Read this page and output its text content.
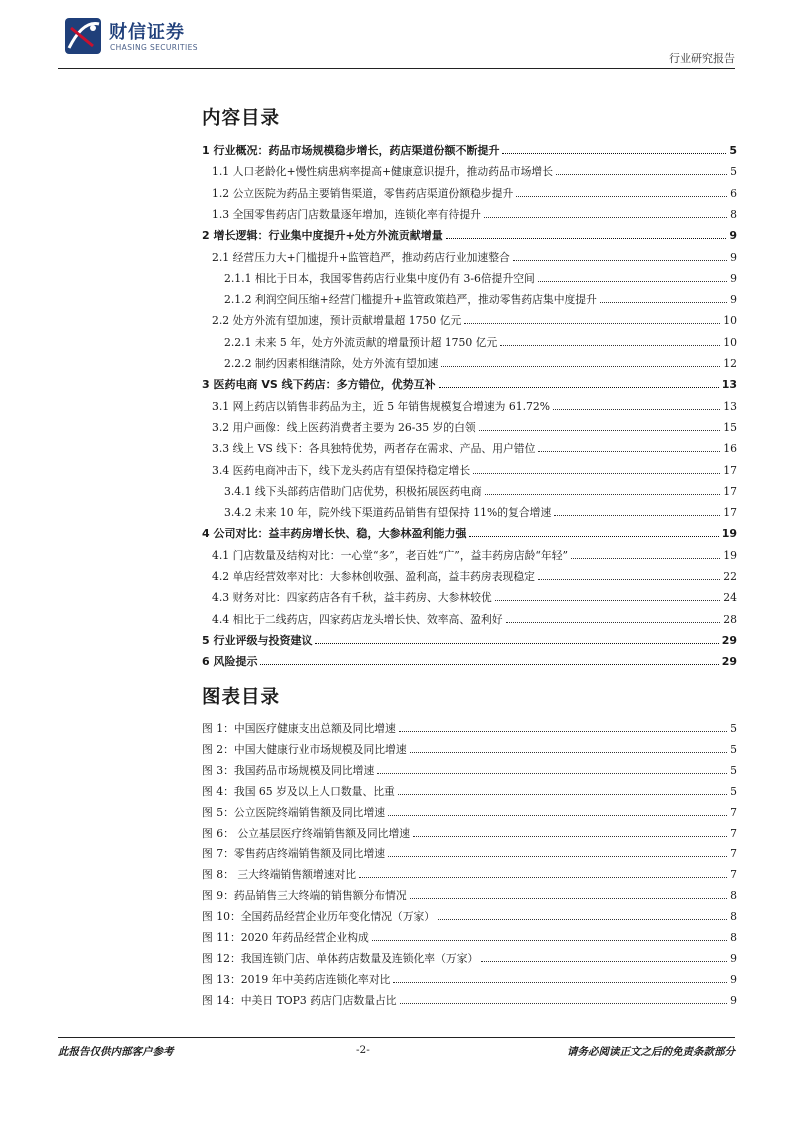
财信证券
CHASING SECURITIES
行业研究报告
内容目录
1 行业概况：药品市场规模稳步增长，药店渠道份额不断提升	5
1.1 人口老龄化+慢性病患病率提高+健康意识提升，推动药品市场增长	5
1.2 公立医院为药品主要销售渠道，零售药店渠道份额稳步提升	6
1.3 全国零售药店门店数量逐年增加，连锁化率有待提升	8
2 增长逻辑：行业集中度提升+处方外流贡献增量	9
2.1 经营压力大+门槛提升+监管趋严，推动药店行业加速整合	9
2.1.1 相比于日本，我国零售药店行业集中度仍有 3-6倍提升空间	9
2.1.2 利润空间压缩+经营门槛提升+监管政策趋严，推动零售药店集中度提升	9
2.2 处方外流有望加速，预计贡献增量超 1750 亿元	10
2.2.1 未来 5 年，处方外流贡献的增量预计超 1750 亿元	10
2.2.2 制约因素相继清除，处方外流有望加速	12
3 医药电商 VS 线下药店：多方错位，优势互补	13
3.1 网上药店以销售非药品为主，近 5 年销售规模复合增速为 61.72%	13
3.2 用户画像：线上医药消费者主要为 26-35 岁的白领	15
3.3 线上 VS 线下：各具独特优势，两者存在需求、产品、用户错位	16
3.4 医药电商冲击下，线下龙头药店有望保持稳定增长	17
3.4.1 线下头部药店借助门店优势，积极拓展医药电商	17
3.4.2 未来 10 年，院外线下渠道药品销售有望保持 11%的复合增速	17
4 公司对比：益丰药房增长快、稳，大参林盈利能力强	19
4.1 门店数量及结构对比：一心堂“多”，老百姓“广”，益丰药房店龄“年轻”	19
4.2 单店经营效率对比：大参林创收强、盈利高，益丰药房表现稳定	22
4.3 财务对比：四家药店各有千秋，益丰药房、大参林较优	24
4.4 相比于二线药店，四家药店龙头增长快、效率高、盈利好	28
5 行业评级与投资建议	29
6 风险提示	29
图表目录
图 1：中国医疗健康支出总额及同比增速	5
图 2：中国大健康行业市场规模及同比增速	5
图 3：我国药品市场规模及同比增速	5
图 4：我国 65 岁及以上人口数量、比重	5
图 5：公立医院终端销售额及同比增速	7
图 6： 公立基层医疗终端销售额及同比增速	7
图 7：零售药店终端销售额及同比增速	7
图 8： 三大终端销售额增速对比	7
图 9：药品销售三大终端的销售额分布情况	8
图 10：全国药品经营企业历年变化情况（万家）	8
图 11：2020 年药品经营企业构成	8
图 12：我国连锁门店、单体药店数量及连锁化率（万家）	9
图 13：2019 年中美药店连锁化率对比	9
图 14：中美日 TOP3 药店门店数量占比	9
此报告仅供内部客户参考	-2-	请务必阅读正文之后的免责条款部分
